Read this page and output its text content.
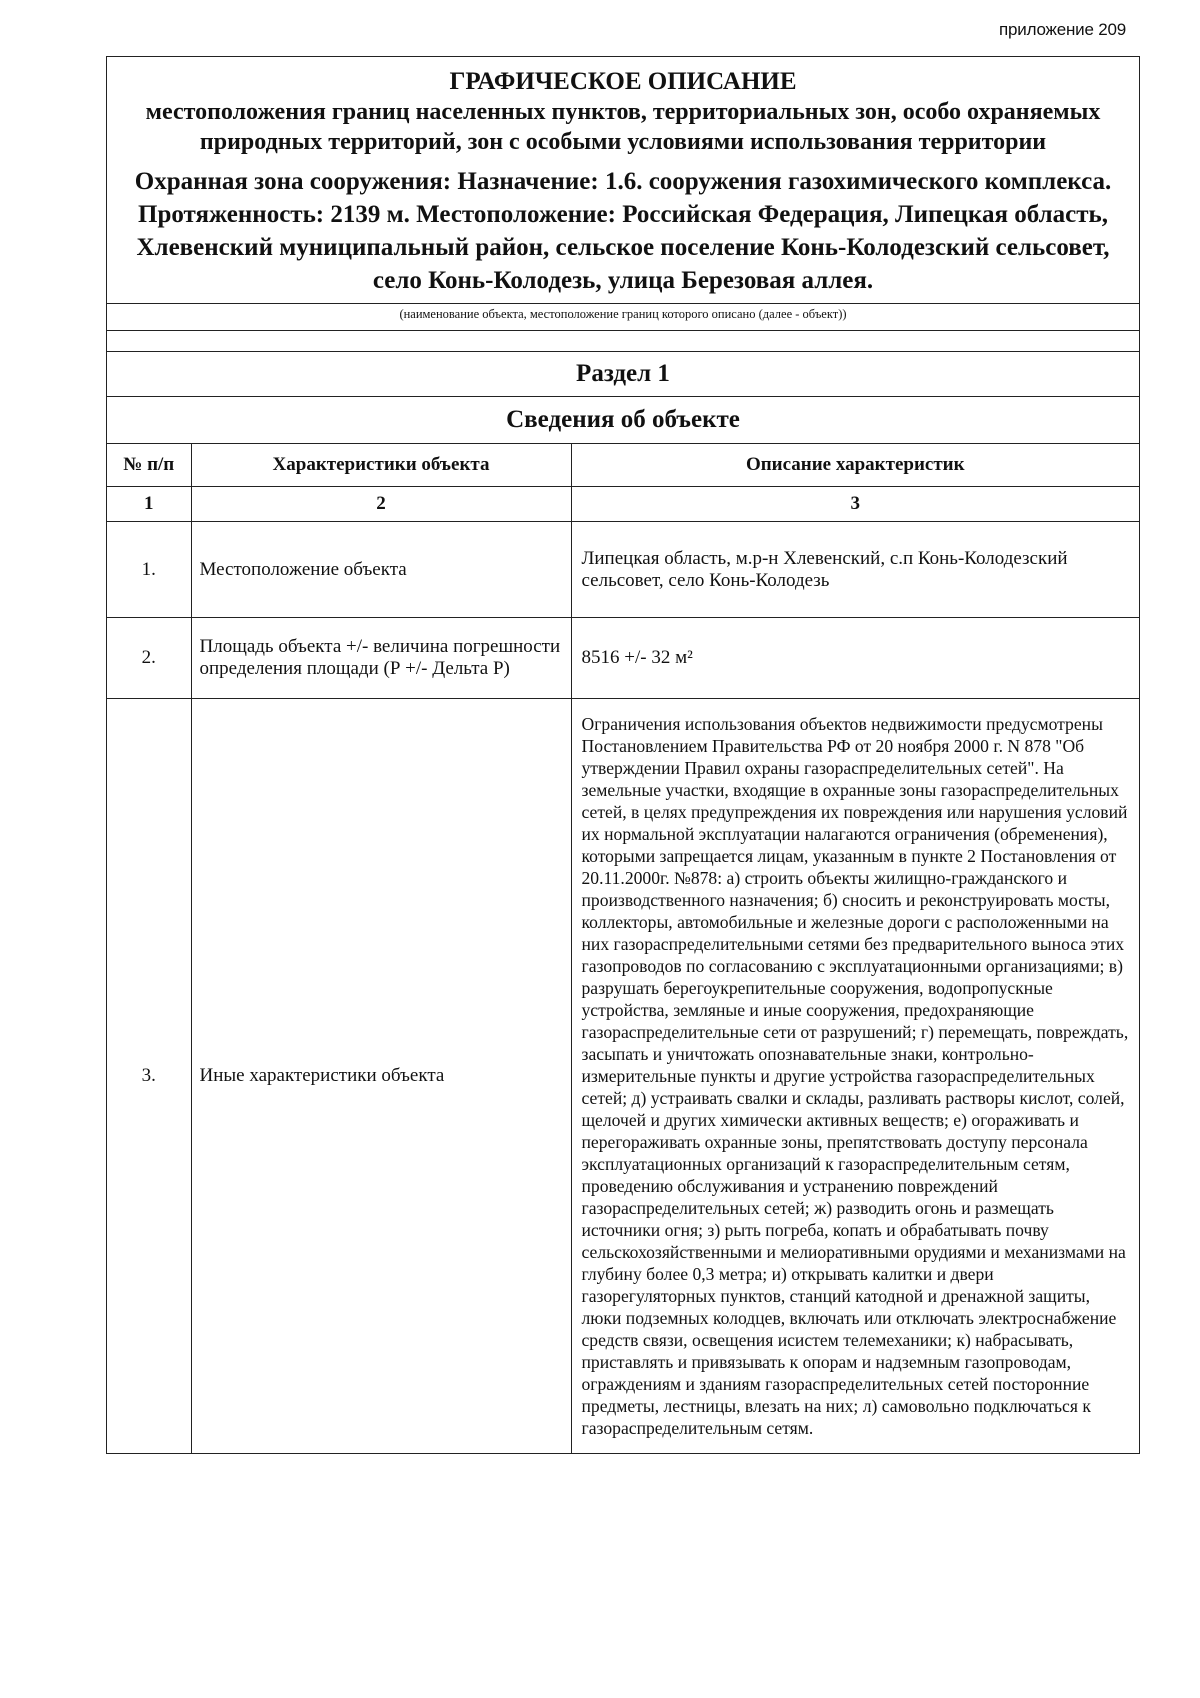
приложение 209
ГРАФИЧЕСКОЕ ОПИСАНИЕ
местоположения границ населенных пунктов, территориальных зон, особо охраняемых природных территорий, зон с особыми условиями использования территории
Охранная зона сооружения: Назначение: 1.6. сооружения газохимического комплекса. Протяженность: 2139 м. Местоположение: Российская Федерация, Липецкая область, Хлевенский муниципальный район, сельское поселение Конь-Колодезский сельсовет, село Конь-Колодезь, улица Березовая аллея.
(наименование объекта, местоположение границ которого описано (далее - объект))
Раздел 1
Сведения об объекте
№ п/п	Характеристики объекта	Описание характеристик
1	2	3
1.	Местоположение объекта	Липецкая область, м.р-н Хлевенский, с.п Конь-Колодезский сельсовет, село Конь-Колодезь
2.	Площадь объекта +/- величина погрешности определения площади (Р +/- Дельта Р)	8516 +/- 32 м²
3.	Иные характеристики объекта	Ограничения использования объектов недвижимости предусмотрены Постановлением Правительства РФ от 20 ноября 2000 г. N 878 "Об утверждении Правил охраны газораспределительных сетей". На земельные участки, входящие в охранные зоны газораспределительных сетей, в целях предупреждения их повреждения или нарушения условий их нормальной эксплуатации налагаются ограничения (обременения), которыми запрещается лицам, указанным в пункте 2 Постановления от 20.11.2000г. №878: а) строить объекты жилищно-гражданского и производственного назначения; б) сносить и реконструировать мосты, коллекторы, автомобильные и железные дороги с расположенными на них газораспределительными сетями без предварительного выноса этих газопроводов по согласованию с эксплуатационными организациями; в) разрушать берегоукрепительные сооружения, водопропускные устройства, земляные и иные сооружения, предохраняющие газораспределительные сети от разрушений; г) перемещать, повреждать, засыпать и уничтожать опознавательные знаки, контрольно-измерительные пункты и другие устройства газораспределительных сетей; д) устраивать свалки и склады, разливать растворы кислот, солей, щелочей и других химически активных веществ; е) огораживать и перегораживать охранные зоны, препятствовать доступу персонала эксплуатационных организаций к газораспределительным сетям, проведению обслуживания и устранению повреждений газораспределительных сетей; ж) разводить огонь и размещать источники огня; з) рыть погреба, копать и обрабатывать почву сельскохозяйственными и мелиоративными орудиями и механизмами на глубину более 0,3 метра; и) открывать калитки и двери газорегуляторных пунктов, станций катодной и дренажной защиты, люки подземных колодцев, включать или отключать электроснабжение средств связи, освещения исистем телемеханики; к) набрасывать, приставлять и привязывать к опорам и надземным газопроводам, ограждениям и зданиям газораспределительных сетей посторонние предметы, лестницы, влезать на них; л) самовольно подключаться к газораспределительным сетям.
